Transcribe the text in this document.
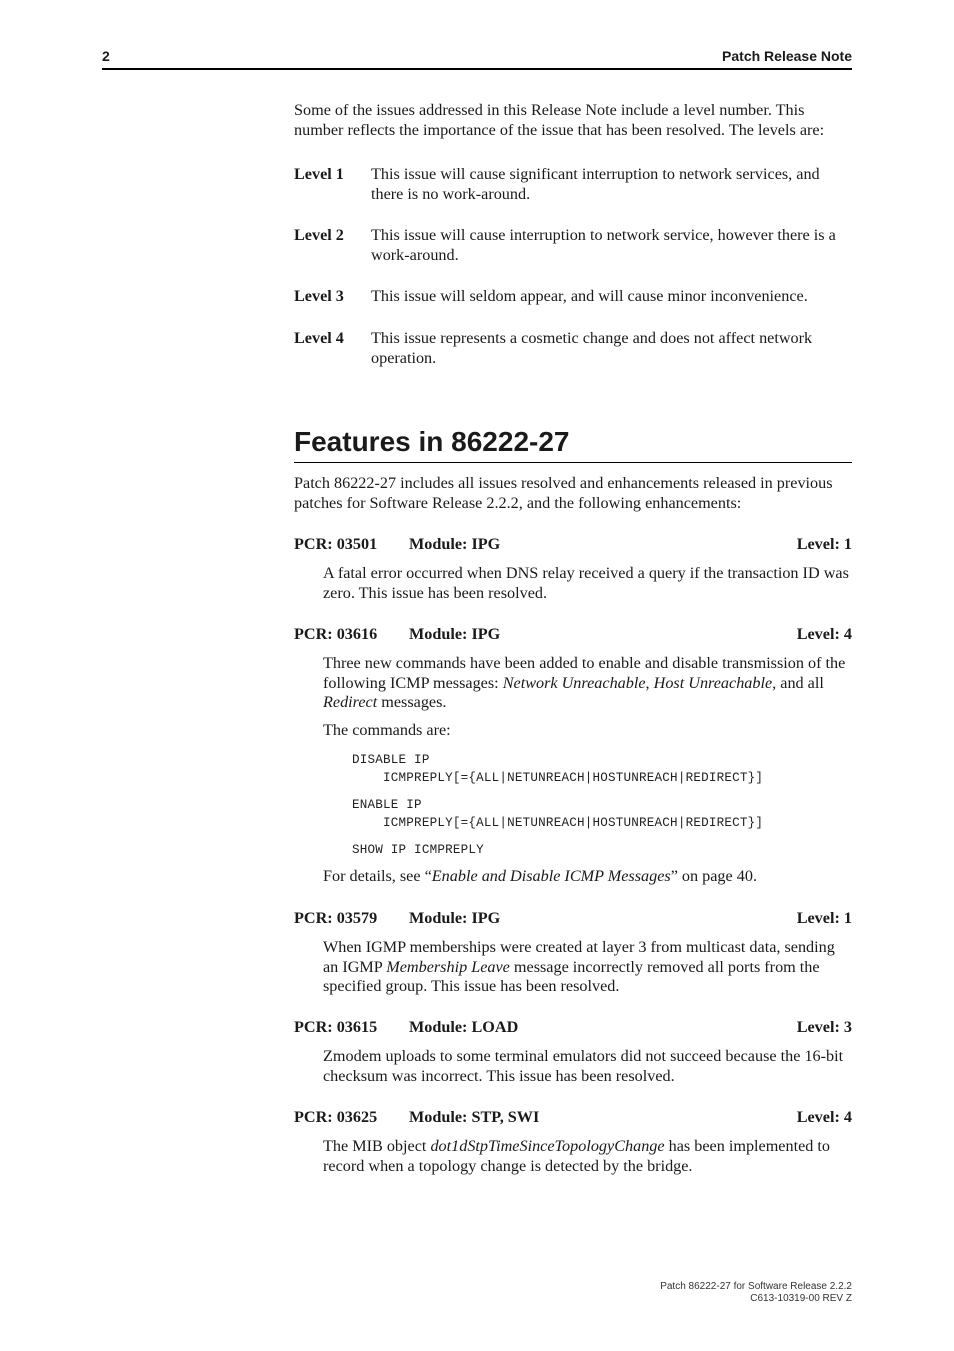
2	Patch Release Note
Some of the issues addressed in this Release Note include a level number. This number reflects the importance of the issue that has been resolved. The levels are:
Level 1 This issue will cause significant interruption to network services, and there is no work-around.
Level 2 This issue will cause interruption to network service, however there is a work-around.
Level 3 This issue will seldom appear, and will cause minor inconvenience.
Level 4 This issue represents a cosmetic change and does not affect network operation.
Features in 86222-27
Patch 86222-27 includes all issues resolved and enhancements released in previous patches for Software Release 2.2.2, and the following enhancements:
PCR: 03501 Module: IPG	Level: 1
A fatal error occurred when DNS relay received a query if the transaction ID was zero. This issue has been resolved.
PCR: 03616 Module: IPG	Level: 4
Three new commands have been added to enable and disable transmission of the following ICMP messages: Network Unreachable, Host Unreachable, and all Redirect messages.
The commands are:
DISABLE IP
ICMPREPLY[={ALL|NETUNREACH|HOSTUNREACH|REDIRECT}]
ENABLE IP
ICMPREPLY[={ALL|NETUNREACH|HOSTUNREACH|REDIRECT}]
SHOW IP ICMPREPLY
For details, see “Enable and Disable ICMP Messages” on page 40.
PCR: 03579 Module: IPG	Level: 1
When IGMP memberships were created at layer 3 from multicast data, sending an IGMP Membership Leave message incorrectly removed all ports from the specified group. This issue has been resolved.
PCR: 03615 Module: LOAD	Level: 3
Zmodem uploads to some terminal emulators did not succeed because the 16-bit checksum was incorrect. This issue has been resolved.
PCR: 03625 Module: STP, SWI	Level: 4
The MIB object dot1dStpTimeSinceTopologyChange has been implemented to record when a topology change is detected by the bridge.
Patch 86222-27 for Software Release 2.2.2
C613-10319-00 REV Z
